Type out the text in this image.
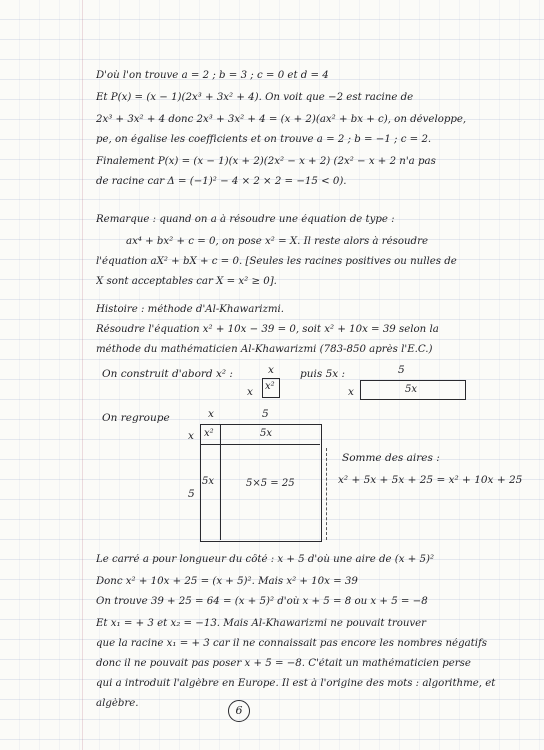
D'où l'on trouve a = 2 ; b = 3 ; c = 0 et d = 4
Et P(x) = (x − 1)(2x³ + 3x² + 4). On voit que −2 est racine de
2x³ + 3x² + 4 donc 2x³ + 3x² + 4 = (x + 2)(ax² + bx + c), on développe,
pe, on égalise les coefficients et on trouve a = 2 ; b = −1 ; c = 2.
Finalement P(x) = (x − 1)(x + 2)(2x² − x + 2) (2x² − x + 2 n'a pas
de racine car Δ = (−1)² − 4 × 2 × 2 = −15 < 0).
Remarque : quand on a à résoudre une équation de type :
ax⁴ + bx² + c = 0, on pose x² = X. Il reste alors à résoudre
l'équation aX² + bX + c = 0. [Seules les racines positives ou nulles de
X sont acceptables car X = x² ≥ 0].
Histoire : méthode d'Al-Khawarizmi.
Résoudre l'équation x² + 10x − 39 = 0, soit x² + 10x = 39 selon la
méthode du mathématicien Al-Khawarizmi (783-850 après l'E.C.)
On construit d'abord x² :	x
x x²
puis 5x :	5
x	5x
On regroupe	x	5
x
5
x²	5x
5x	5×5 = 25
Somme des aires :
x² + 5x + 5x + 25 = x² + 10x + 25
Le carré a pour longueur du côté : x + 5 d'où une aire de (x + 5)²
Donc x² + 10x + 25 = (x + 5)². Mais x² + 10x = 39
On trouve 39 + 25 = 64 = (x + 5)² d'où x + 5 = 8 ou x + 5 = −8
Et x₁ = + 3 et x₂ = −13. Mais Al-Khawarizmi ne pouvait trouver
que la racine x₁ = + 3 car il ne connaissait pas encore les nombres négatifs
donc il ne pouvait pas poser x + 5 = −8. C'était un mathématicien perse
qui a introduit l'algèbre en Europe. Il est à l'origine des mots : algorithme, et
algèbre.
6
